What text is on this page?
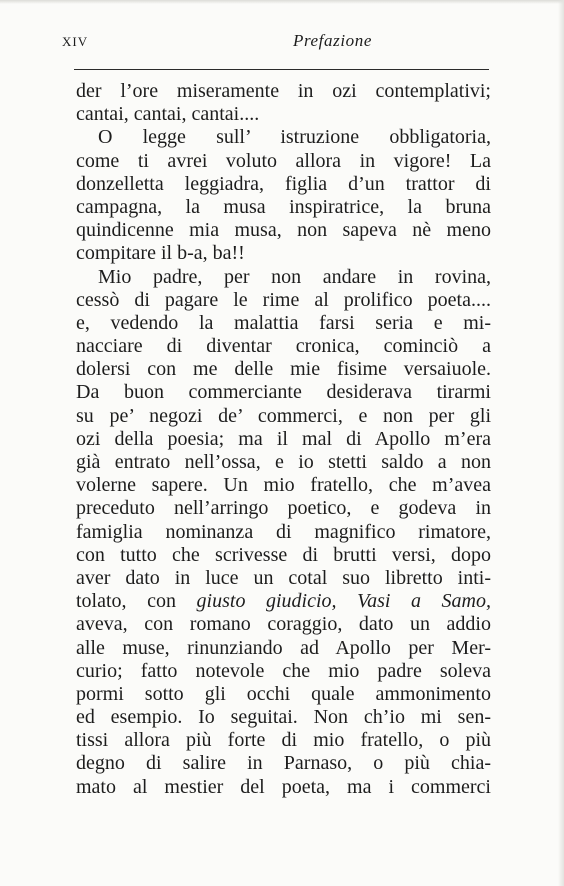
XIV	Prefazione
der l’ore miseramente in ozi contemplativi;
cantai, cantai, cantai....
O legge sull’ istruzione obbligatoria,
come ti avrei voluto allora in vigore! La
donzelletta leggiadra, figlia d’un trattor di
campagna, la musa inspiratrice, la bruna
quindicenne mia musa, non sapeva nè meno
compitare il b-a, ba!!
Mio padre, per non andare in rovina,
cessò di pagare le rime al prolifico poeta....
e, vedendo la malattia farsi seria e mi-
nacciare di diventar cronica, cominciò a
dolersi con me delle mie fisime versaiuole.
Da buon commerciante desiderava tirarmi
su pe’ negozi de’ commerci, e non per gli
ozi della poesia; ma il mal di Apollo m’era
già entrato nell’ossa, e io stetti saldo a non
volerne sapere. Un mio fratello, che m’avea
preceduto nell’arringo poetico, e godeva in
famiglia nominanza di magnifico rimatore,
con tutto che scrivesse di brutti versi, dopo
aver dato in luce un cotal suo libretto inti-
tolato, con giusto giudicio, Vasi a Samo,
aveva, con romano coraggio, dato un addio
alle muse, rinunziando ad Apollo per Mer-
curio; fatto notevole che mio padre soleva
pormi sotto gli occhi quale ammonimento
ed esempio. Io seguitai. Non ch’io mi sen-
tissi allora più forte di mio fratello, o più
degno di salire in Parnaso, o più chia-
mato al mestier del poeta, ma i commerci
